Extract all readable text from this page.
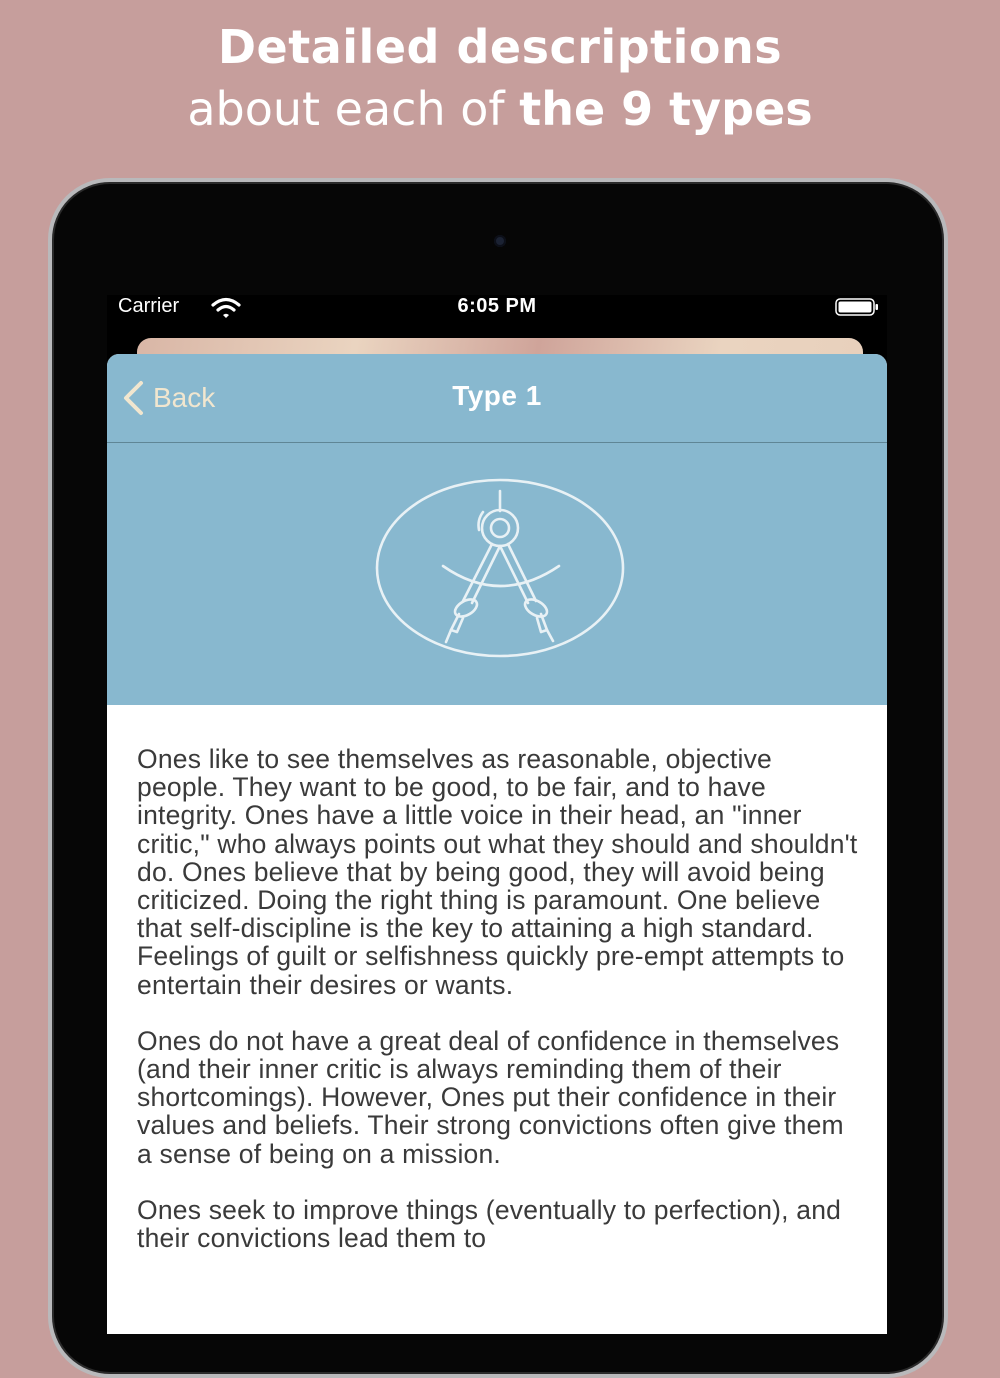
Detailed descriptions
about each of the 9 types
Carrier	6:05 PM
Back	Type 1

Ones like to see themselves as reasonable, objective people. They want to be good, to be fair, and to have integrity. Ones have a little voice in their head, an "inner critic," who always points out what they should and shouldn't do. Ones believe that by being good, they will avoid being criticized. Doing the right thing is paramount. One believe that self-discipline is the key to attaining a high standard. Feelings of guilt or selfishness quickly pre-empt attempts to entertain their desires or wants.

Ones do not have a great deal of confidence in themselves (and their inner critic is always reminding them of their shortcomings). However, Ones put their confidence in their values and beliefs. Their strong convictions often give them a sense of being on a mission.

Ones seek to improve things (eventually to perfection), and their convictions lead them to
